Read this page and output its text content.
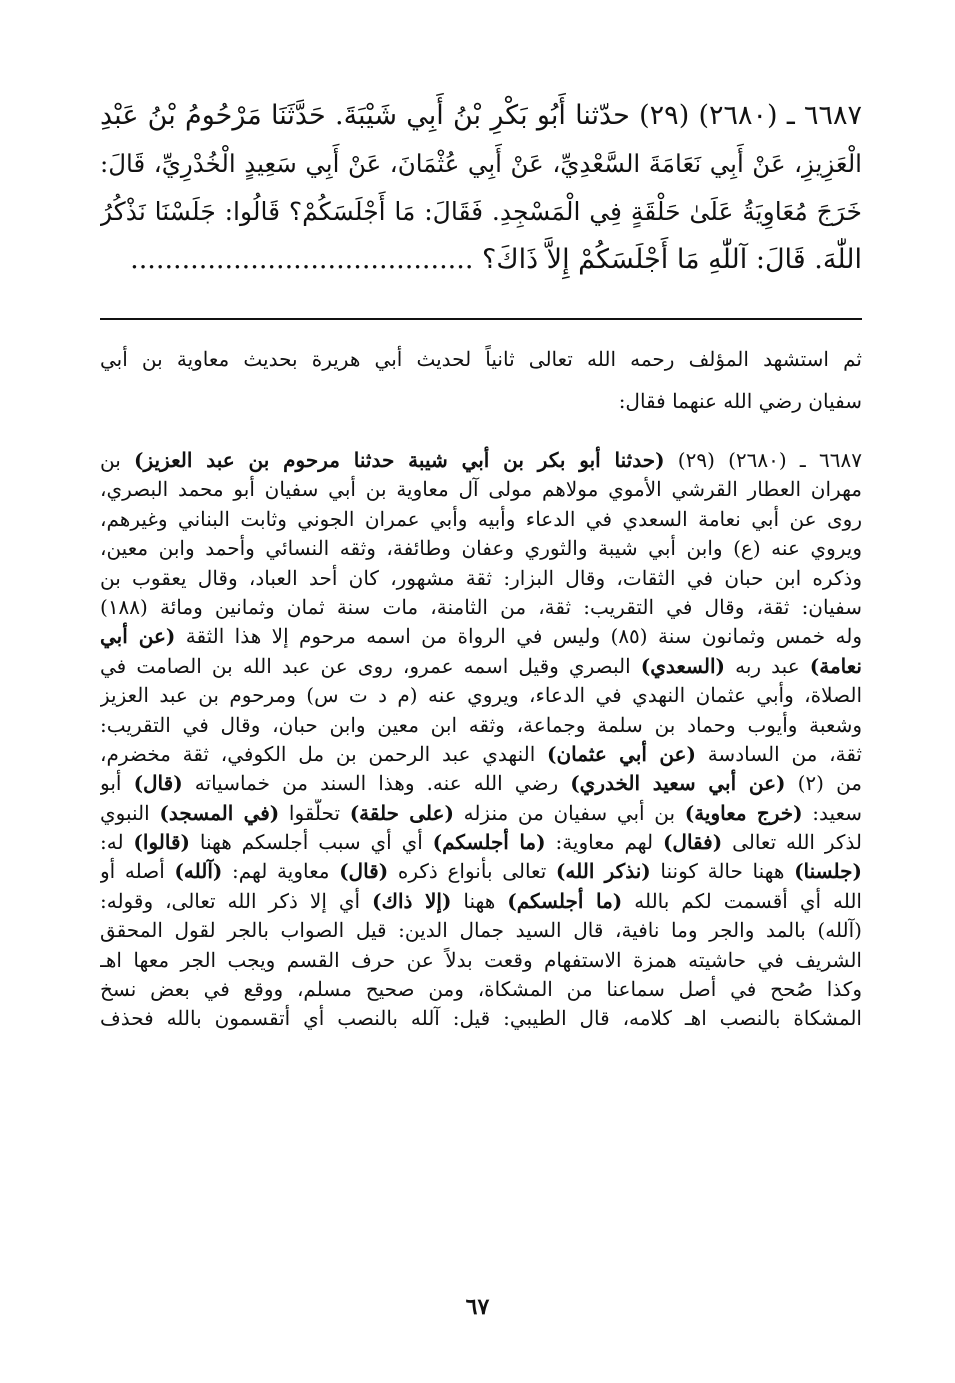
٦٦٨٧ ـ (٢٦٨٠) (٢٩) حدّثنا أَبُو بَكْرِ بْنُ أَبِي شَيْبَةَ. حَدَّثَنَا مَرْحُومُ بْنُ عَبْدِ
الْعَزِيزِ، عَنْ أَبِي نَعَامَةَ السَّعْدِيِّ، عَنْ أَبِي عُثْمَانَ، عَنْ أَبِي سَعِيدٍ الْخُدْرِيِّ، قَالَ:
خَرَجَ مُعَاوِيَةُ عَلَىٰ حَلْقَةٍ فِي الْمَسْجِدِ. فَقَالَ: مَا أَجْلَسَكُمْ؟ قَالُوا: جَلَسْنَا نَذْكُرُ
اللّٰهَ. قَالَ: آللّٰهِ مَا أَجْلَسَكُمْ إِلاَّ ذَاكَ؟ ........................................
ثم استشهد المؤلف رحمه الله تعالى ثانياً لحديث أبي هريرة بحديث معاوية بن أبي
سفيان رضي الله عنهما فقال:
٦٦٨٧ ـ (٢٦٨٠) (٢٩) (حدثنا أبو بكر بن أبي شيبة حدثنا مرحوم بن عبد العزيز) بن
مهران العطار القرشي الأموي مولاهم مولى آل معاوية بن أبي سفيان أبو محمد البصري،
روى عن أبي نعامة السعدي في الدعاء وأبيه وأبي عمران الجوني وثابت البناني وغيرهم،
ويروي عنه (ع) وابن أبي شيبة والثوري وعفان وطائفة، وثقه النسائي وأحمد وابن معين،
وذكره ابن حبان في الثقات، وقال البزار: ثقة مشهور، كان أحد العباد، وقال يعقوب بن
سفيان: ثقة، وقال في التقريب: ثقة، من الثامنة، مات سنة ثمان وثمانين ومائة (١٨٨)
وله خمس وثمانون سنة (٨٥) وليس في الرواة من اسمه مرحوم إلا هذا الثقة (عن أبي
نعامة) عبد ربه (السعدي) البصري وقيل اسمه عمرو، روى عن عبد الله بن الصامت في
الصلاة، وأبي عثمان النهدي في الدعاء، ويروي عنه (م د ت س) ومرحوم بن عبد العزيز
وشعبة وأيوب وحماد بن سلمة وجماعة، وثقه ابن معين وابن حبان، وقال في التقريب:
ثقة، من السادسة (عن أبي عثمان) النهدي عبد الرحمن بن مل الكوفي، ثقة مخضرم،
من (٢) (عن أبي سعيد الخدري) رضي الله عنه. وهذا السند من خماسياته (قال) أبو
سعيد: (خرج معاوية) بن أبي سفيان من منزله (على حلقة) تحلّقوا (في المسجد) النبوي
لذكر الله تعالى (فقال) لهم معاوية: (ما أجلسكم) أي أي سبب أجلسكم ههنا (قالوا) له:
(جلسنا) ههنا حالة كوننا (نذكر الله) تعالى بأنواع ذكره (قال) معاوية لهم: (آلله) أصله أو
الله أي أقسمت لكم بالله (ما أجلسكم) ههنا (إلا ذاك) أي إلا ذكر الله تعالى، وقوله:
(آلله) بالمد والجر وما نافية، قال السيد جمال الدين: قيل الصواب بالجر لقول المحقق
الشريف في حاشيته همزة الاستفهام وقعت بدلاً عن حرف القسم ويجب الجر معها اهـ
وكذا صُحح في أصل سماعنا من المشكاة، ومن صحيح مسلم، ووقع في بعض نسخ
المشكاة بالنصب اهـ كلامه، قال الطيبي: قيل: آلله بالنصب أي أتقسمون بالله فحذف
٦٧
